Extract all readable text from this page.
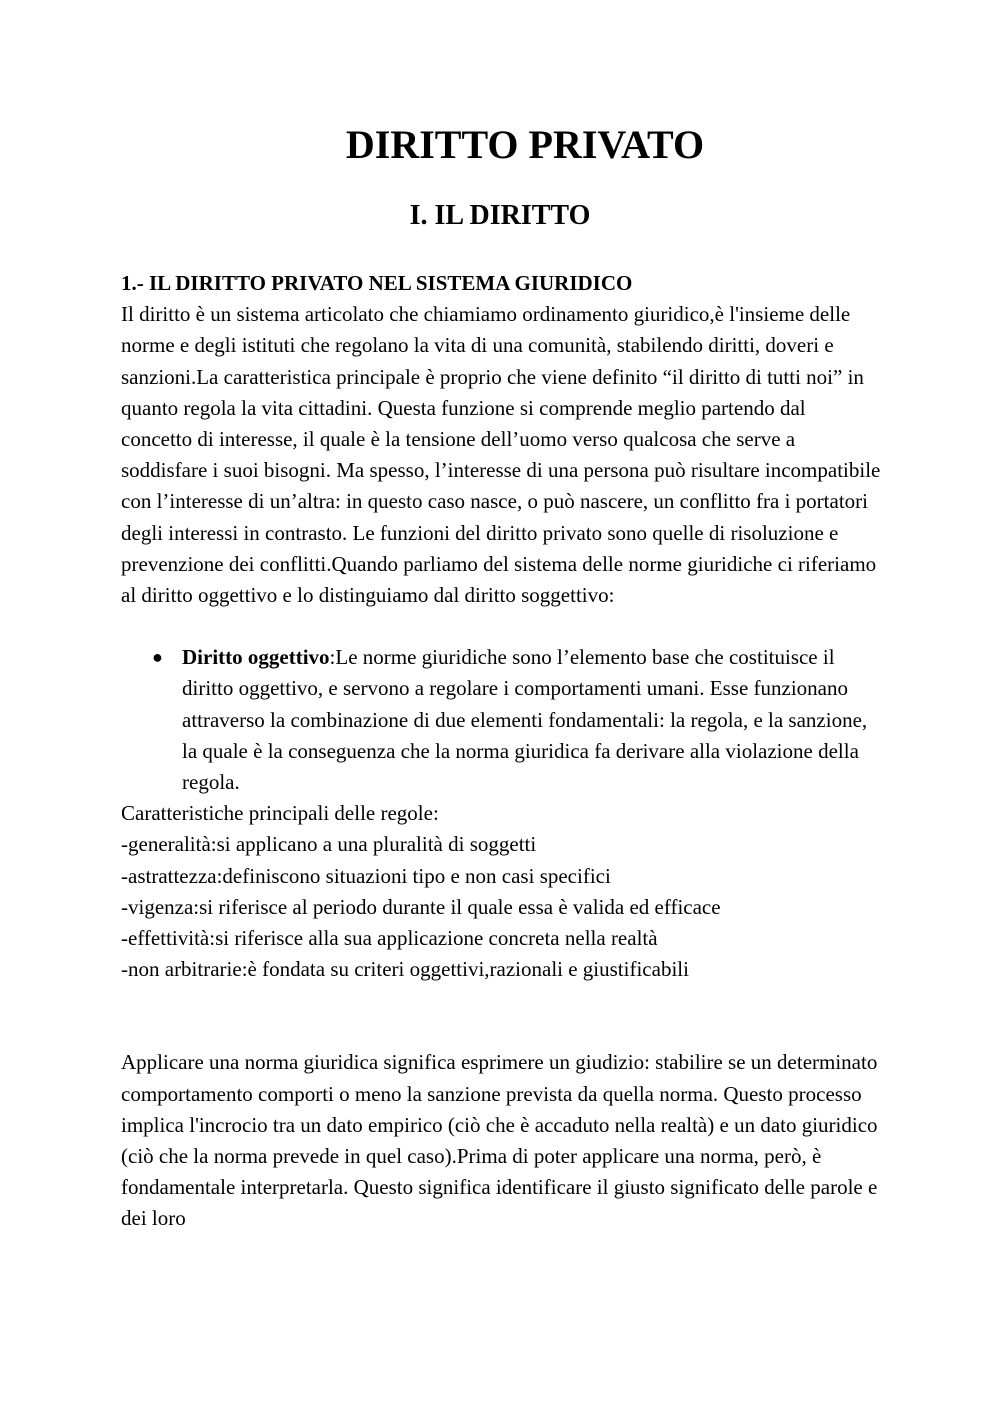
DIRITTO PRIVATO
I. IL DIRITTO

1.- IL DIRITTO PRIVATO NEL SISTEMA GIURIDICO

Il diritto è un sistema articolato che chiamiamo ordinamento giuridico,è l'insieme delle norme e degli istituti che regolano la vita di una comunità, stabilendo diritti, doveri e sanzioni.La caratteristica principale è proprio che viene definito “il diritto di tutti noi” in quanto regola la vita cittadini. Questa funzione si comprende meglio partendo dal concetto di interesse, il quale è la tensione dell’uomo verso qualcosa che serve a soddisfare i suoi bisogni. Ma spesso, l’interesse di una persona può risultare incompatibile con l’interesse di un’altra: in questo caso nasce, o può nascere, un conflitto fra i portatori degli interessi in contrasto. Le funzioni del diritto privato sono quelle di risoluzione e prevenzione dei conflitti.Quando parliamo del sistema delle norme giuridiche ci riferiamo al diritto oggettivo e lo distinguiamo dal diritto soggettivo:

● Diritto oggettivo:Le norme giuridiche sono l’elemento base che costituisce il diritto oggettivo, e servono a regolare i comportamenti umani. Esse funzionano attraverso la combinazione di due elementi fondamentali: la regola, e la sanzione, la quale è la conseguenza che la norma giuridica fa derivare alla violazione della regola.

Caratteristiche principali delle regole:

-generalità:si applicano a una pluralità di soggetti

-astrattezza:definiscono situazioni tipo e non casi specifici

-vigenza:si riferisce al periodo durante il quale essa è valida ed efficace

-effettività:si riferisce alla sua applicazione concreta nella realtà

-non arbitrarie:è fondata su criteri oggettivi,razionali e giustificabili

Applicare una norma giuridica significa esprimere un giudizio: stabilire se un determinato comportamento comporti o meno la sanzione prevista da quella norma. Questo processo implica l'incrocio tra un dato empirico (ciò che è accaduto nella realtà) e un dato giuridico (ciò che la norma prevede in quel caso).Prima di poter applicare una norma, però, è fondamentale interpretarla. Questo significa identificare il giusto significato delle parole e dei loro
